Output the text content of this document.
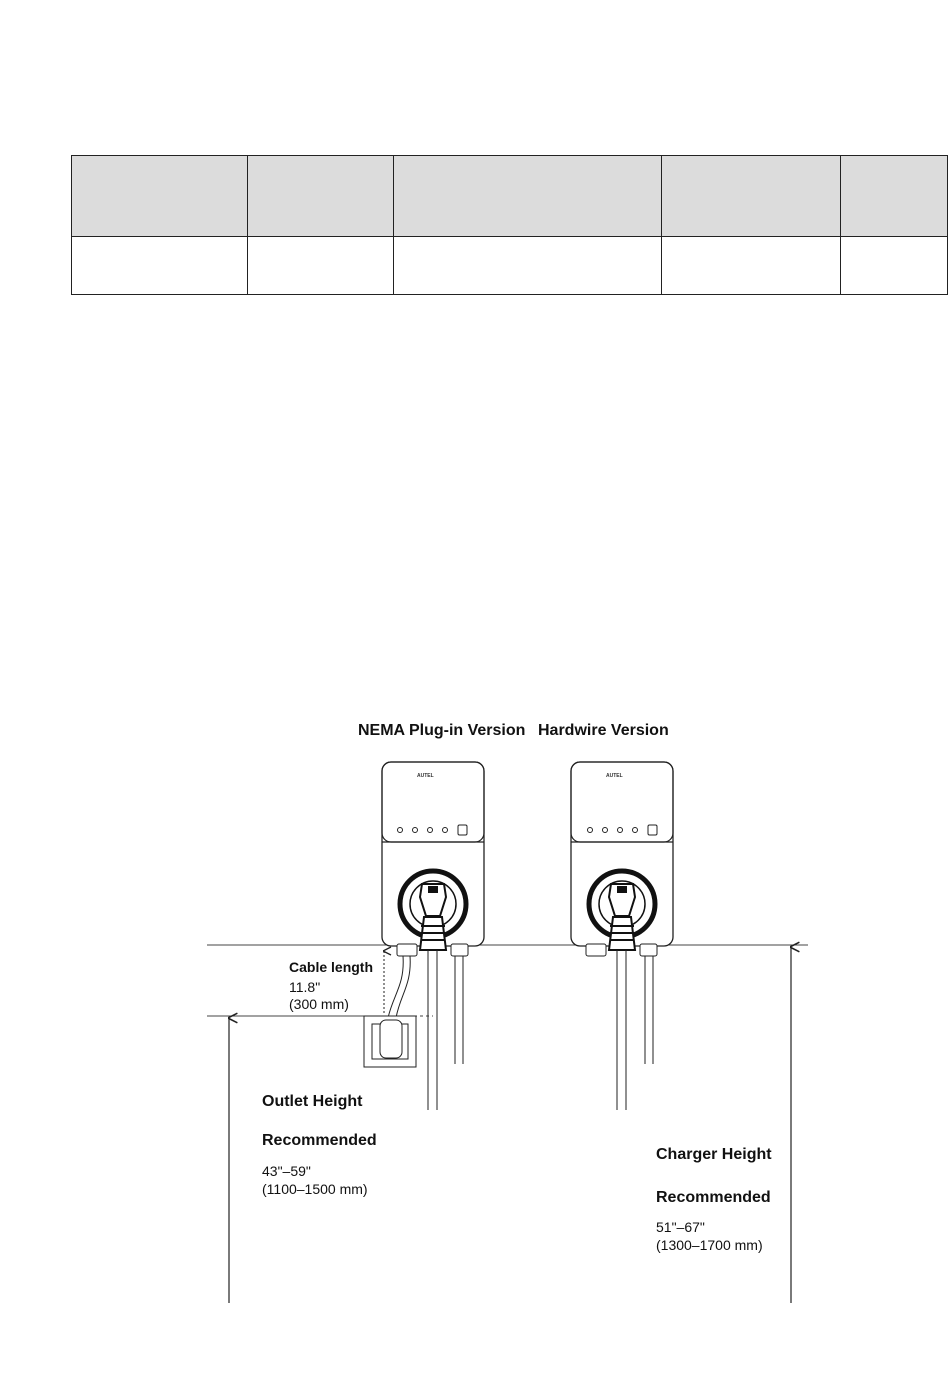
AUTEL	AUTEL
NEMA Plug-in Version Hardwire Version
Cable length
11.8"
(300 mm)
Outlet Height
Recommended
43"–59"
(1100–1500 mm)
Charger Height
Recommended
51"–67"
(1300–1700 mm)
